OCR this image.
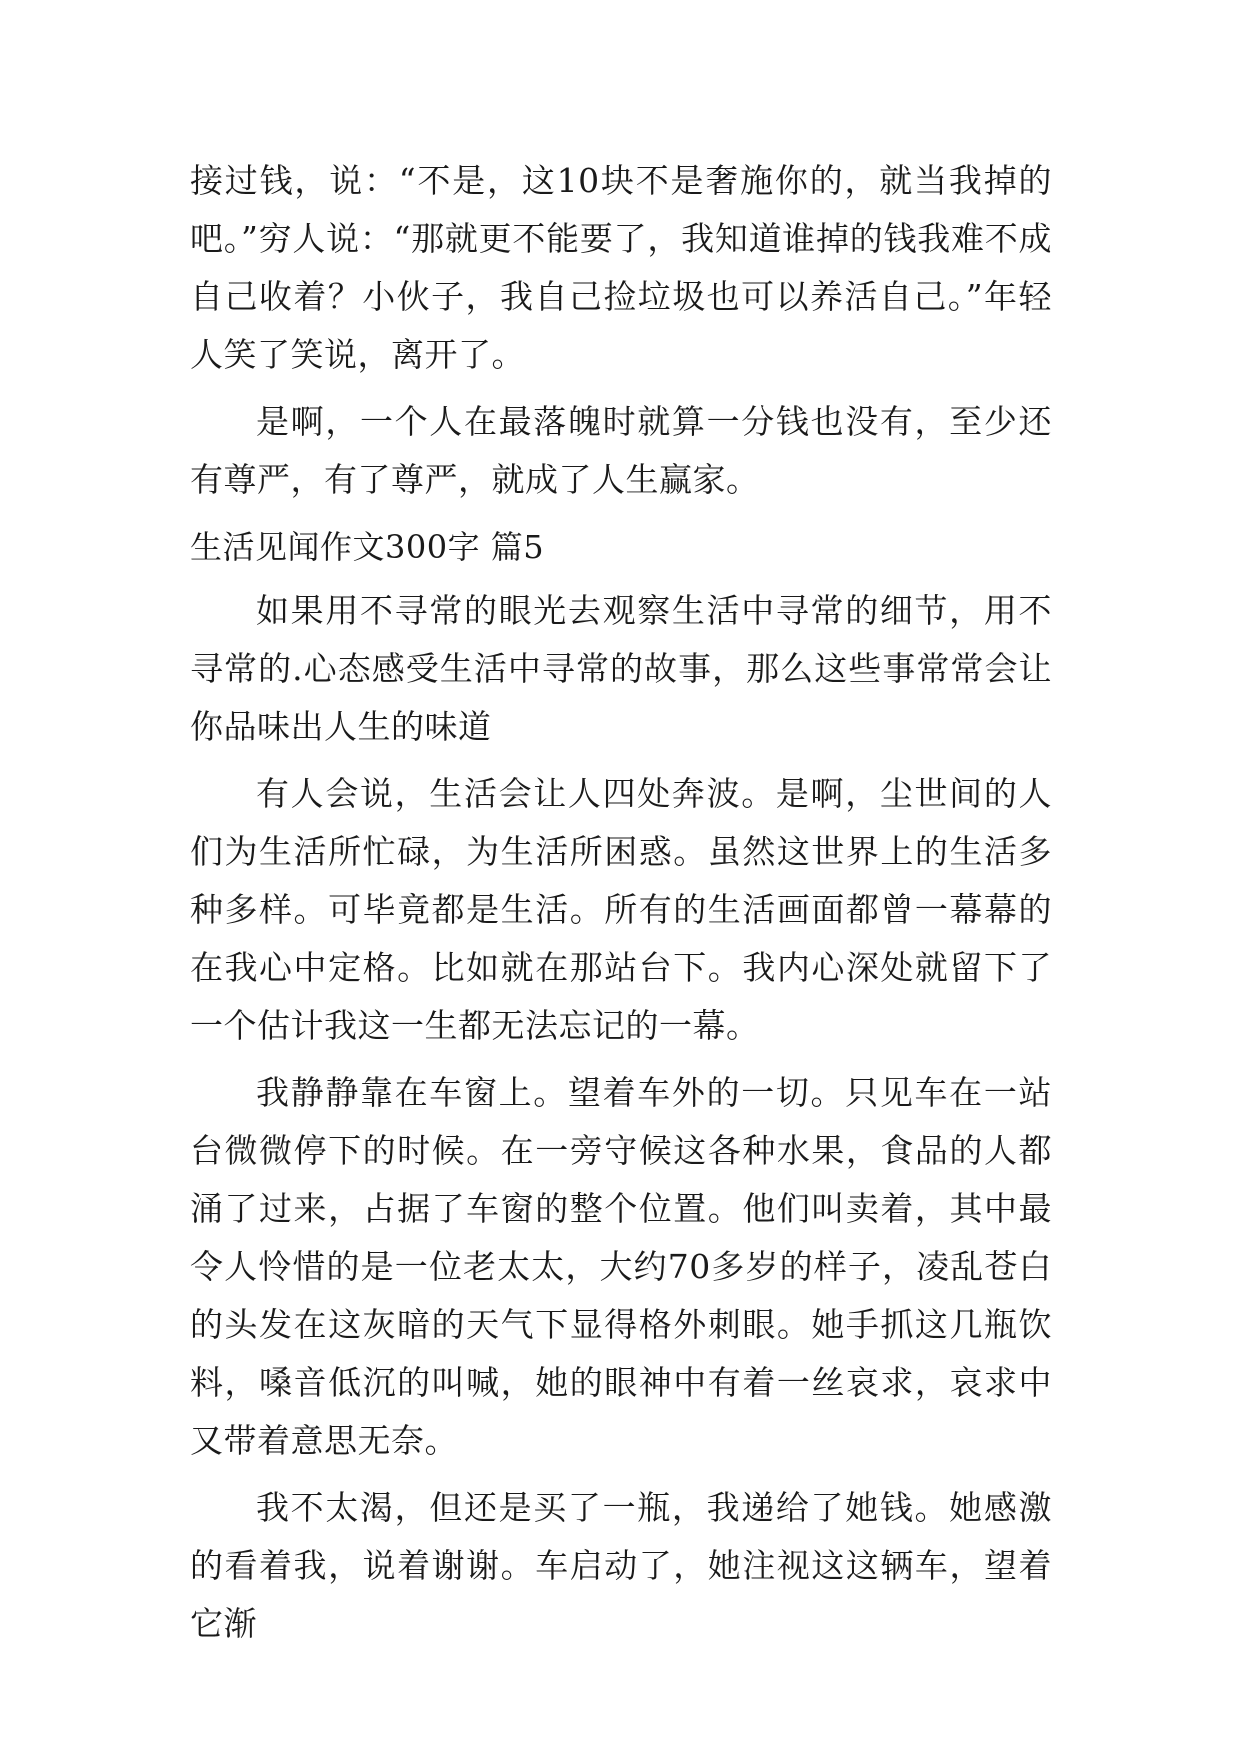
接过钱，说：“不是，这10块不是奢施你的，就当我掉的吧。”穷人说：“那就更不能要了，我知道谁掉的钱我难不成自己收着？小伙子，我自己捡垃圾也可以养活自己。”年轻人笑了笑说，离开了。

是啊，一个人在最落魄时就算一分钱也没有，至少还有尊严，有了尊严，就成了人生赢家。

生活见闻作文300字 篇5

如果用不寻常的眼光去观察生活中寻常的细节，用不寻常的.心态感受生活中寻常的故事，那么这些事常常会让你品味出人生的味道

有人会说，生活会让人四处奔波。是啊，尘世间的人们为生活所忙碌，为生活所困惑。虽然这世界上的生活多种多样。可毕竟都是生活。所有的生活画面都曾一幕幕的在我心中定格。比如就在那站台下。我内心深处就留下了一个估计我这一生都无法忘记的一幕。

我静静靠在车窗上。望着车外的一切。只见车在一站台微微停下的时候。在一旁守候这各种水果，食品的人都涌了过来，占据了车窗的整个位置。他们叫卖着，其中最令人怜惜的是一位老太太，大约70多岁的样子，凌乱苍白的头发在这灰暗的天气下显得格外刺眼。她手抓这几瓶饮料，嗓音低沉的叫喊，她的眼神中有着一丝哀求，哀求中又带着意思无奈。

我不太渴，但还是买了一瓶，我递给了她钱。她感激的看着我，说着谢谢。车启动了，她注视这这辆车，望着它渐
